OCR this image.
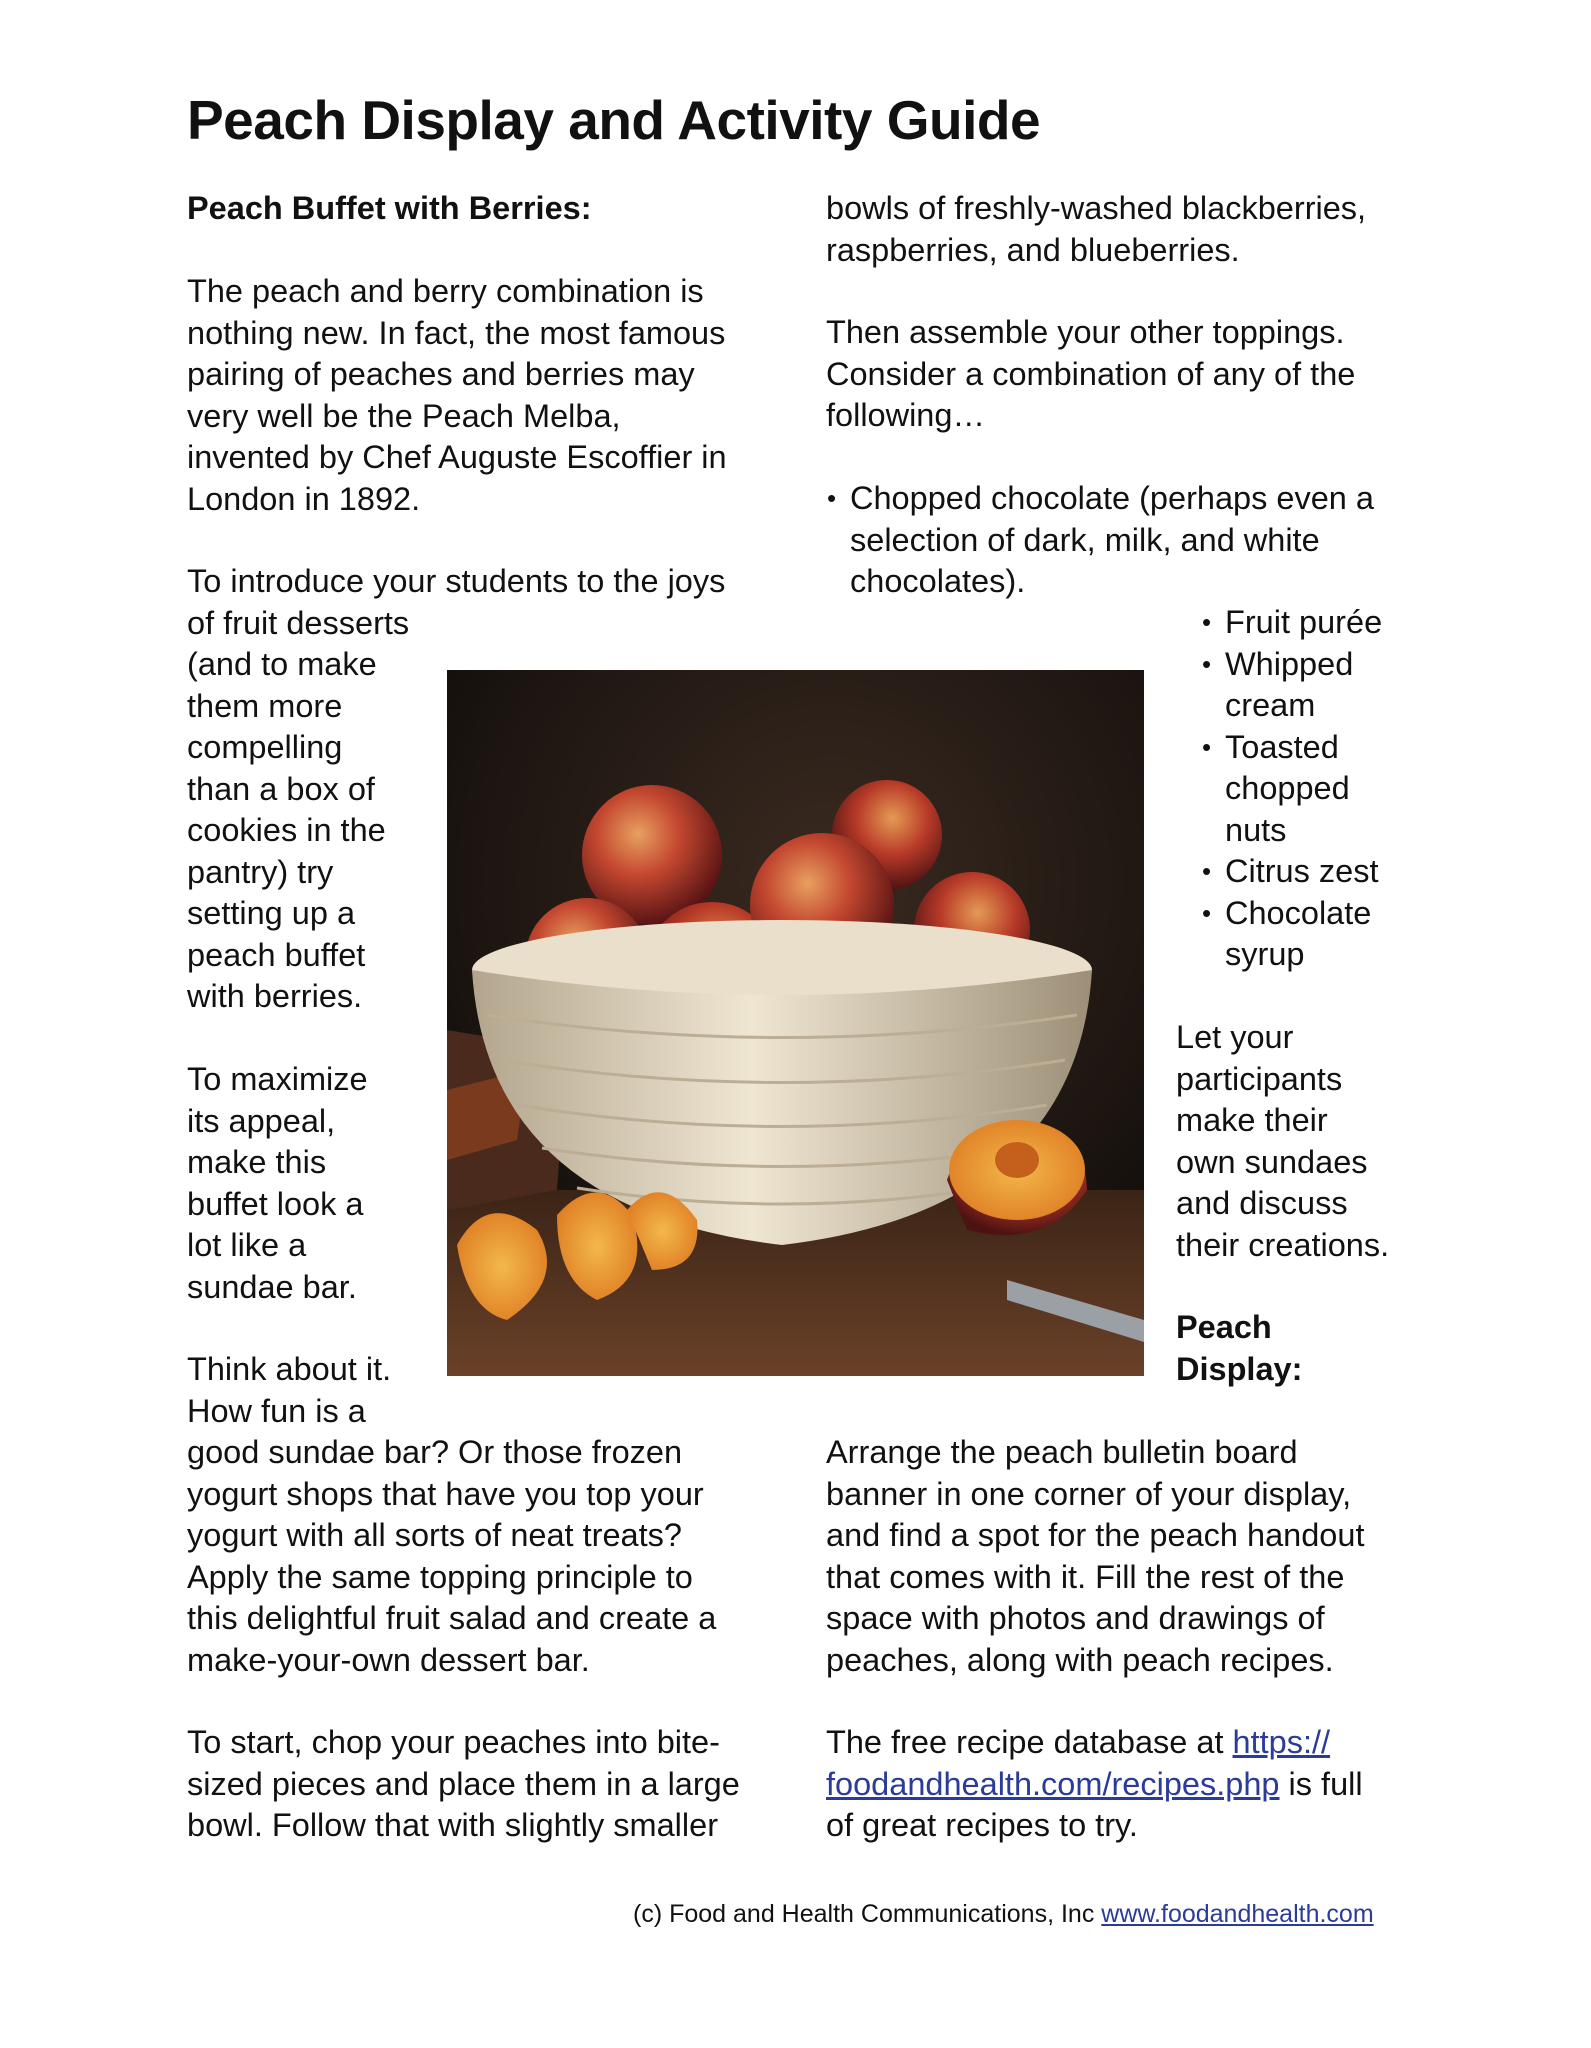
Peach Display and Activity Guide
Peach Buffet with Berries:
The peach and berry combination is
nothing new. In fact, the most famous
pairing of peaches and berries may
very well be the Peach Melba,
invented by Chef Auguste Escoffier in
London in 1892.
To introduce your students to the joys
of fruit desserts
(and to make
them more
compelling
than a box of
cookies in the
pantry) try
setting up a
peach buffet
with berries.
To maximize
its appeal,
make this
buffet look a
lot like a
sundae bar.
Think about it.
How fun is a
good sundae bar? Or those frozen
yogurt shops that have you top your
yogurt with all sorts of neat treats?
Apply the same topping principle to
this delightful fruit salad and create a
make-your-own dessert bar.
To start, chop your peaches into bite-
sized pieces and place them in a large
bowl. Follow that with slightly smaller
bowls of freshly-washed blackberries,
raspberries, and blueberries.
Then assemble your other toppings.
Consider a combination of any of the
following…
• Chopped chocolate (perhaps even a
selection of dark, milk, and white
chocolates).
• Fruit purée
• Whipped
cream
• Toasted
chopped
nuts
• Citrus zest
• Chocolate
syrup
Let your
participants
make their
own sundaes
and discuss
their creations.
Peach
Display:
Arrange the peach bulletin board
banner in one corner of your display,
and find a spot for the peach handout
that comes with it. Fill the rest of the
space with photos and drawings of
peaches, along with peach recipes.
The free recipe database at https://
foodandhealth.com/recipes.php is full
of great recipes to try.
(c) Food and Health Communications, Inc www.foodandhealth.com
